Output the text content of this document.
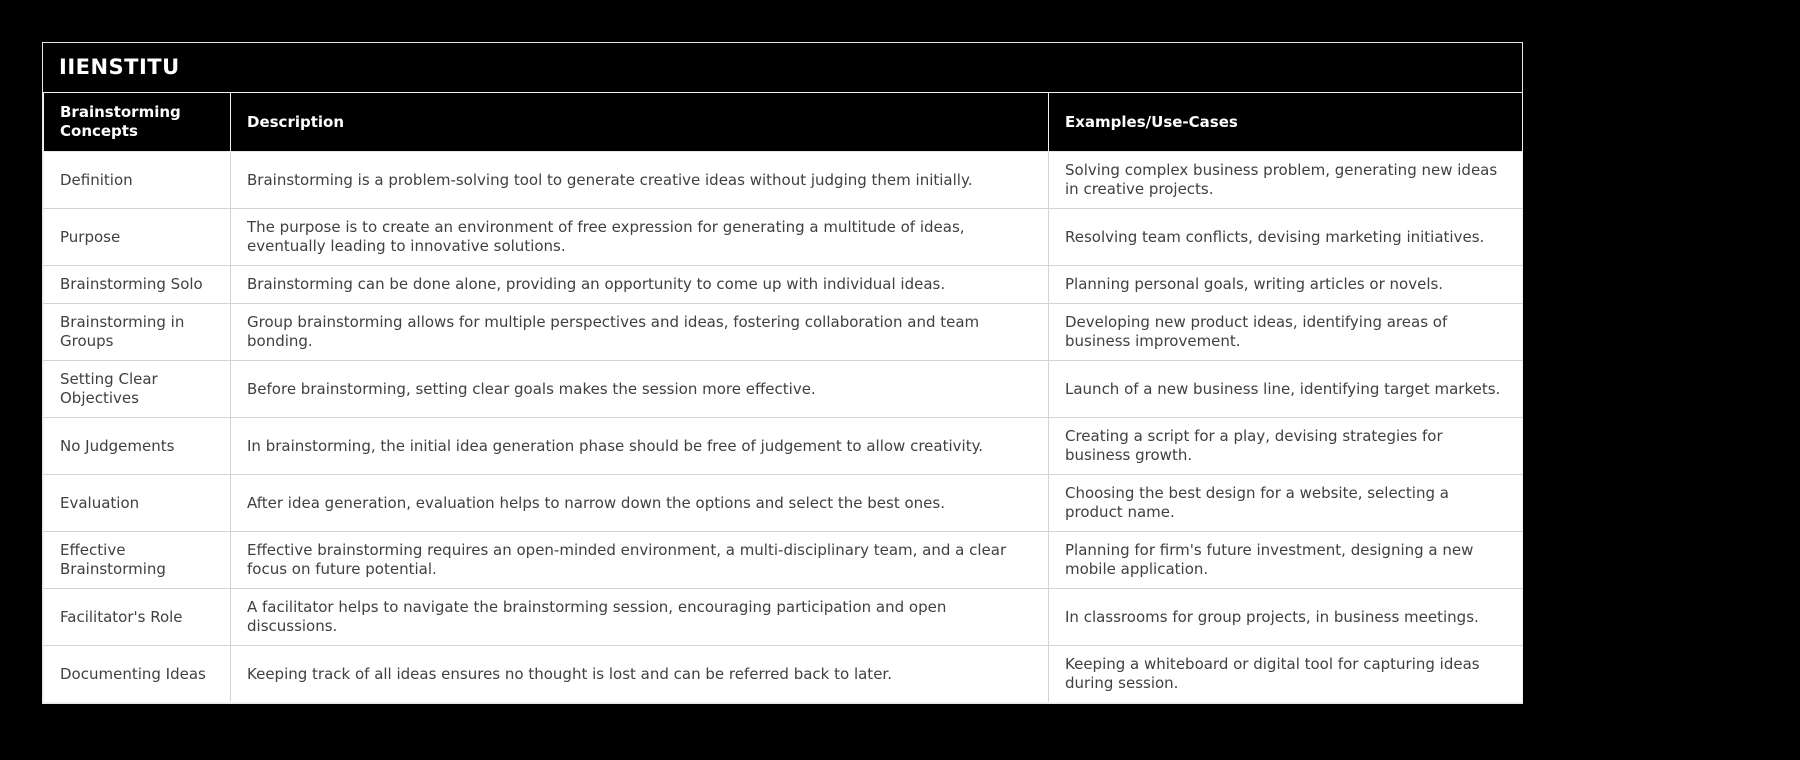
IIENSTITU
Brainstorming Concepts	Description	Examples/Use-Cases
Definition	Brainstorming is a problem-solving tool to generate creative ideas without judging them initially.	Solving complex business problem, generating new ideas in creative projects.
Purpose	The purpose is to create an environment of free expression for generating a multitude of ideas, eventually leading to innovative solutions.	Resolving team conflicts, devising marketing initiatives.
Brainstorming Solo	Brainstorming can be done alone, providing an opportunity to come up with individual ideas.	Planning personal goals, writing articles or novels.
Brainstorming in Groups	Group brainstorming allows for multiple perspectives and ideas, fostering collaboration and team bonding.	Developing new product ideas, identifying areas of business improvement.
Setting Clear Objectives	Before brainstorming, setting clear goals makes the session more effective.	Launch of a new business line, identifying target markets.
No Judgements	In brainstorming, the initial idea generation phase should be free of judgement to allow creativity.	Creating a script for a play, devising strategies for business growth.
Evaluation	After idea generation, evaluation helps to narrow down the options and select the best ones.	Choosing the best design for a website, selecting a product name.
Effective Brainstorming	Effective brainstorming requires an open-minded environment, a multi-disciplinary team, and a clear focus on future potential.	Planning for firm's future investment, designing a new mobile application.
Facilitator's Role	A facilitator helps to navigate the brainstorming session, encouraging participation and open discussions.	In classrooms for group projects, in business meetings.
Documenting Ideas	Keeping track of all ideas ensures no thought is lost and can be referred back to later.	Keeping a whiteboard or digital tool for capturing ideas during session.
